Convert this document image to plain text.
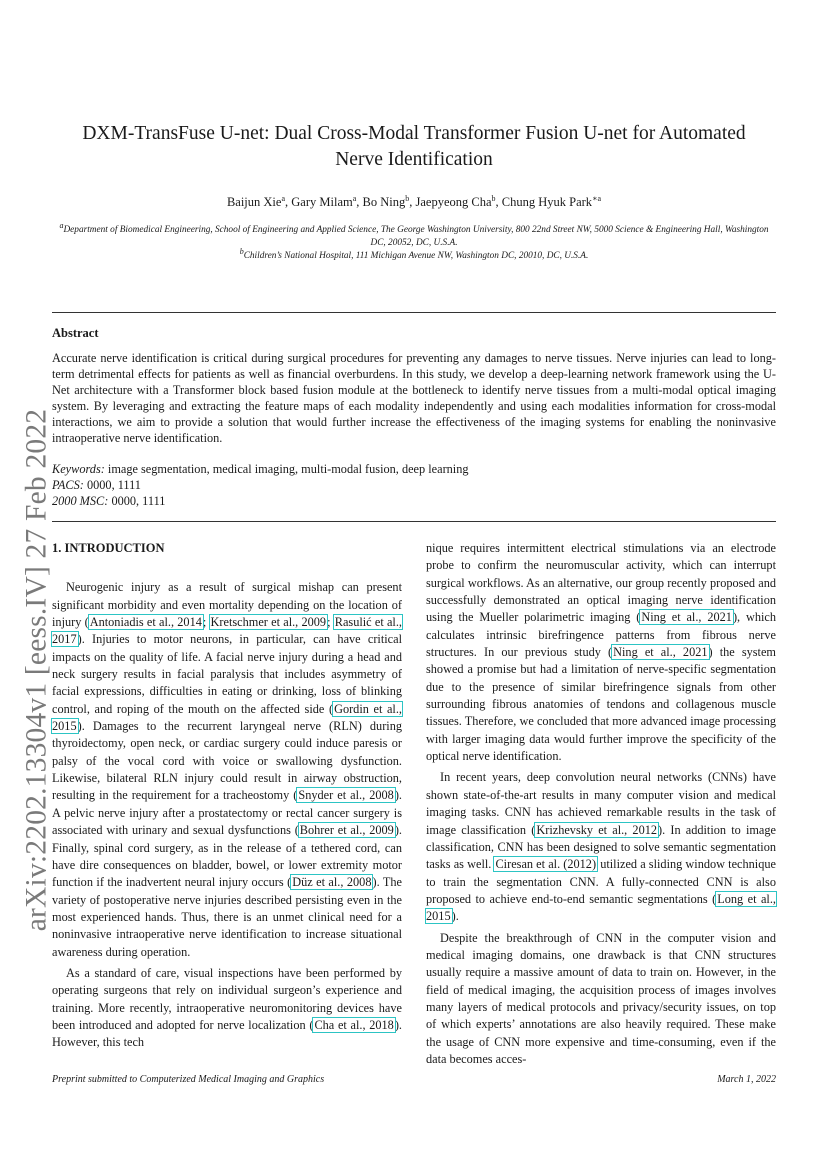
arXiv:2202.13304v1 [eess.IV] 27 Feb 2022
DXM-TransFuse U-net: Dual Cross-Modal Transformer Fusion U-net for Automated Nerve Identification
Baijun Xie$^a$, Gary Milam$^a$, Bo Ning$^b$, Jaepyeong Cha$^b$, Chung Hyuk Park$^{∗a}$

$^a$Department of Biomedical Engineering, School of Engineering and Applied Science, The George Washington University, 800 22nd Street NW, 5000 Science & Engineering Hall, Washington DC, 20052, DC, U.S.A.

$^b$Children’s National Hospital, 111 Michigan Avenue NW, Washington DC, 20010, DC, U.S.A.

Abstract

Accurate nerve identification is critical during surgical procedures for preventing any damages to nerve tissues. Nerve injuries can lead to long-term detrimental effects for patients as well as financial overburdens. In this study, we develop a deep-learning network framework using the U-Net architecture with a Transformer block based fusion module at the bottleneck to identify nerve tissues from a multi-modal optical imaging system. By leveraging and extracting the feature maps of each modality independently and using each modalities information for cross-modal interactions, we aim to provide a solution that would further increase the effectiveness of the imaging systems for enabling the noninvasive intraoperative nerve identification.

Keywords: image segmentation, medical imaging, multi-modal fusion, deep learning
PACS: 0000, 1111
2000 MSC: 0000, 1111
1. INTRODUCTION

Neurogenic injury as a result of surgical mishap can present significant morbidity and even mortality depending on the location of injury (Antoniadis et al., 2014; Kretschmer et al., 2009; Rasulić et al., 2017). Injuries to motor neurons, in particular, can have critical impacts on the quality of life. A facial nerve injury during a head and neck surgery results in facial paralysis that includes asymmetry of facial expressions, difficulties in eating or drinking, loss of blinking control, and roping of the mouth on the affected side (Gordin et al., 2015). Damages to the recurrent laryngeal nerve (RLN) during thyroidectomy, open neck, or cardiac surgery could induce paresis or palsy of the vocal cord with voice or swallowing dysfunction. Likewise, bilateral RLN injury could result in airway obstruction, resulting in the requirement for a tracheostomy (Snyder et al., 2008). A pelvic nerve injury after a prostatectomy or rectal cancer surgery is associated with urinary and sexual dysfunctions (Bohrer et al., 2009). Finally, spinal cord surgery, as in the release of a tethered cord, can have dire consequences on bladder, bowel, or lower extremity motor function if the inadvertent neural injury occurs (Düz et al., 2008). The variety of postoperative nerve injuries described persisting even in the most experienced hands. Thus, there is an unmet clinical need for a noninvasive intraoperative nerve identification to increase situational awareness during operation.

As a standard of care, visual inspections have been performed by operating surgeons that rely on individual surgeon’s experience and training. More recently, intraoperative neuromonitoring devices have been introduced and adopted for nerve localization (Cha et al., 2018). However, this tech

nique requires intermittent electrical stimulations via an electrode probe to confirm the neuromuscular activity, which can interrupt surgical workflows. As an alternative, our group recently proposed and successfully demonstrated an optical imaging nerve identification using the Mueller polarimetric imaging (Ning et al., 2021), which calculates intrinsic birefringence patterns from fibrous nerve structures. In our previous study (Ning et al., 2021) the system showed a promise but had a limitation of nerve-specific segmentation due to the presence of similar birefringence signals from other surrounding fibrous anatomies of tendons and collagenous muscle tissues. Therefore, we concluded that more advanced image processing with larger imaging data would further improve the specificity of the optical nerve identification.

In recent years, deep convolution neural networks (CNNs) have shown state-of-the-art results in many computer vision and medical imaging tasks. CNN has achieved remarkable results in the task of image classification (Krizhevsky et al., 2012). In addition to image classification, CNN has been designed to solve semantic segmentation tasks as well. Ciresan et al. (2012) utilized a sliding window technique to train the segmentation CNN. A fully-connected CNN is also proposed to achieve end-to-end semantic segmentations (Long et al., 2015).

Despite the breakthrough of CNN in the computer vision and medical imaging domains, one drawback is that CNN structures usually require a massive amount of data to train on. However, in the field of medical imaging, the acquisition process of images involves many layers of medical protocols and privacy/security issues, on top of which experts’ annotations are also heavily required. These make the usage of CNN more expensive and time-consuming, even if the data becomes acces-

Preprint submitted to Computerized Medical Imaging and Graphics	March 1, 2022
